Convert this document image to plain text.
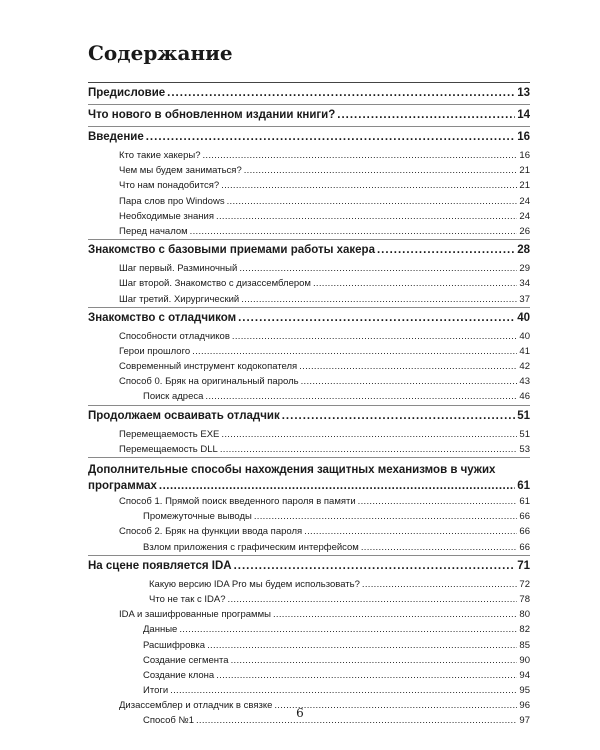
Содержание
Предисловие .....	13
Что нового в обновленном издании книги? .....	14
Введение .....	16
Кто такие хакеры? .....	16
Чем мы будем заниматься? .....	21
Что нам понадобится? .....	21
Пара слов про Windows .....	24
Необходимые знания .....	24
Перед началом .....	26
Знакомство с базовыми приемами работы хакера .....	28
Шаг первый. Разминочный .....	29
Шаг второй. Знакомство с дизассемблером .....	34
Шаг третий. Хирургический .....	37
Знакомство с отладчиком .....	40
Способности отладчиков .....	40
Герои прошлого .....	41
Современный инструмент кодокопателя .....	42
Способ 0. Бряк на оригинальный пароль .....	43
Поиск адреса .....	46
Продолжаем осваивать отладчик .....	51
Перемещаемость EXE .....	51
Перемещаемость DLL .....	53
Дополнительные способы нахождения защитных механизмов в чужих
программах .....	61
Способ 1. Прямой поиск введенного пароля в памяти .....	61
Промежуточные выводы .....	66
Способ 2. Бряк на функции ввода пароля .....	66
Взлом приложения с графическим интерфейсом .....	66
На сцене появляется IDA .....	71
Какую версию IDA Pro мы будем использовать? .....	72
Что не так с IDA? .....	78
IDA и зашифрованные программы .....	80
Данные .....	82
Расшифровка .....	85
Создание сегмента .....	90
Создание клона .....	94
Итоги .....	95
Дизассемблер и отладчик в связке .....	96
Способ №1 .....	97
6
